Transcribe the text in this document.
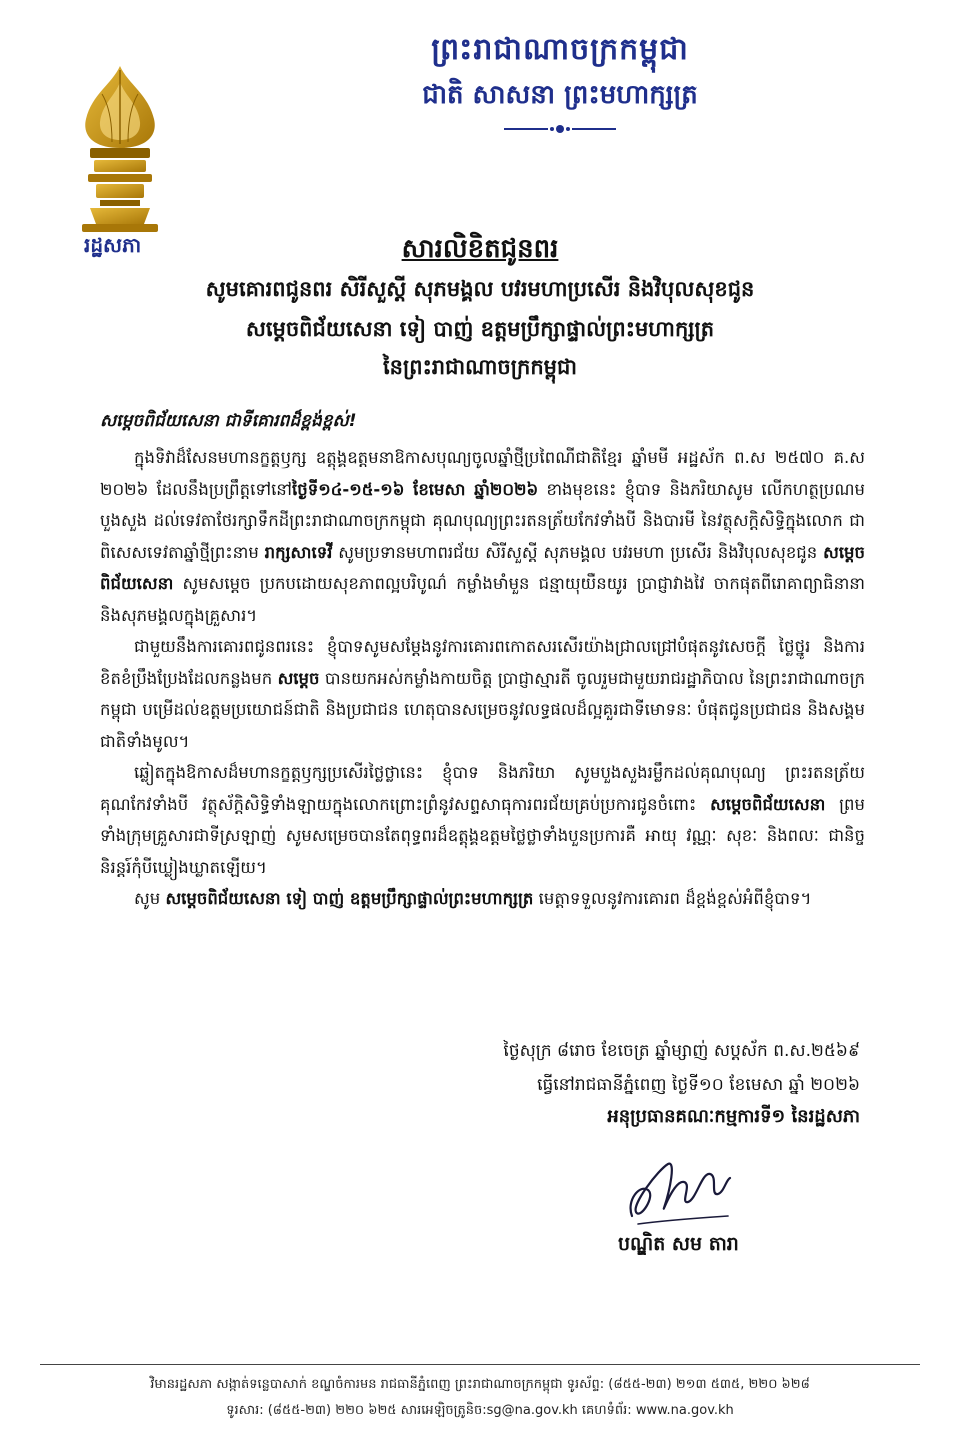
ព្រះរាជាណាចក្រកម្ពុជា
ជាតិ សាសនា ព្រះមហាក្សត្រ
រដ្ឋសភា	សារលិខិតជូនពរ
សូមគោរពជូនពរ សិរីសួស្តី សុភមង្គល បវរមហាប្រសើរ និងវិបុលសុខជូន
សម្តេចពិជ័យសេនា ទៀ បាញ់ ឧត្តមប្រឹក្សាផ្ទាល់ព្រះមហាក្សត្រ
នៃព្រះរាជាណាចក្រកម្ពុជា
សម្តេចពិជ័យសេនា ជាទីគោរពដ៏ខ្ពង់ខ្ពស់!

ក្នុងទិវាដ៏សែនមហានក្ខត្តឫក្ស ឧត្តុង្គឧត្តមនាឱកាសបុណ្យចូលឆ្នាំថ្មីប្រពៃណីជាតិខ្មែរ ឆ្នាំមមី អដ្ឋស័ក ព.ស ២៥៧០ គ.ស ២០២៦ ដែលនឹងប្រព្រឹត្តទៅនៅថ្ងៃទី១៤-១៥-១៦ ខែមេសា ឆ្នាំ២០២៦ ខាងមុខនេះ ខ្ញុំបាទ និងភរិយាសូម លើកហត្ថប្រណមបួងសួង ដល់ទេវតាថែរក្សាទឹកដីព្រះរាជាណាចក្រកម្ពុជា គុណបុណ្យព្រះរតនត្រ័យកែវទាំងបី និងបារមី នៃវត្ថុសក្តិសិទ្ធិក្នុងលោក ជាពិសេសទេវតាឆ្នាំថ្មីព្រះនាម រាក្សសាទេវី សូមប្រទានមហាពរជ័យ សិរីសួស្តី សុភមង្គល បវរមហា ប្រសើរ និងវិបុលសុខជូន សម្តេចពិជ័យសេនា សូមសម្តេច ប្រកបដោយសុខភាពល្អបរិបូណ៌ កម្លាំងមាំមួន ជន្មាយុយឺនយូរ ប្រាជ្ញាវាងវៃ ចាកផុតពីរោគាព្យាធិនានា និងសុភមង្គលក្នុងគ្រួសារ។

ជាមួយនឹងការគោរពជូនពរនេះ ខ្ញុំបាទសូមសម្តែងនូវការគោរពកោតសរសើរយ៉ាងជ្រាលជ្រៅបំផុតនូវសេចក្តី ថ្លៃថ្នូរ និងការខិតខំប្រឹងប្រែងដែលកន្លងមក សម្តេច បានយកអស់កម្លាំងកាយចិត្ត ប្រាជ្ញាស្មារតី ចូលរួមជាមួយរាជរដ្ឋាភិបាល នៃព្រះរាជាណាចក្រកម្ពុជា បម្រើដល់ឧត្តមប្រយោជន៍ជាតិ និងប្រជាជន ហេតុបានសម្រេចនូវលទ្ធផលដ៏ល្អគួរជាទីមោទនៈ បំផុតជូនប្រជាជន និងសង្គមជាតិទាំងមូល។

ឆ្លៀតក្នុងឱកាសដ៏មហានក្ខត្តឫក្សប្រសើរថ្លៃថ្លានេះ ខ្ញុំបាទ និងភរិយា សូមបួងសួងរម្លឹកដល់គុណបុណ្យ ព្រះរតនត្រ័យ គុណកែវទាំងបី វត្ថុស័ក្តិសិទ្ធិទាំងឡាយក្នុងលោកព្រោះព្រំនូវសព្ទសាធុការពរជ័យគ្រប់ប្រការជូនចំពោះ សម្តេចពិជ័យសេនា ព្រមទាំងក្រុមគ្រួសារជាទីស្រឡាញ់ សូមសម្រេចបានតែពុទ្ធពរដ៏ឧត្តុង្គឧត្តមថ្លៃថ្លាទាំងបួនប្រការគឺ អាយុ វណ្ណៈ សុខៈ និងពលៈ ជានិច្ចនិរន្តរ៍កុំបីឃ្លៀងឃ្លាតឡើយ។

សូម សម្តេចពិជ័យសេនា ទៀ បាញ់ ឧត្តមប្រឹក្សាផ្ទាល់ព្រះមហាក្សត្រ មេត្តាទទួលនូវការគោរព ដ៏ខ្ពង់ខ្ពស់អំពីខ្ញុំបាទ។

ថ្ងៃសុក្រ ៨រោច ខែចេត្រ ឆ្នាំម្សាញ់ សប្តស័ក ព.ស.២៥៦៩
ធ្វើនៅរាជធានីភ្នំពេញ ថ្ងៃទី១០ ខែមេសា ឆ្នាំ ២០២៦
អនុប្រធានគណៈកម្មការទី១ នៃរដ្ឋសភា
បណ្ឌិត សម តារា
វិមានរដ្ឋសភា សង្កាត់ទន្លេបាសាក់ ខណ្ឌចំការមន រាជធានីភ្នំពេញ ព្រះរាជាណាចក្រកម្ពុជា ទូរស័ព្ទ: (៨៥៥-២៣) ២១៣ ៥៣៥, ២២០ ៦២៨
ទូរសារ: (៨៥៥-២៣) ២២០ ៦២៥ សារអេឡិចត្រូនិច:sg@na.gov.kh គេហទំព័រ: www.na.gov.kh
